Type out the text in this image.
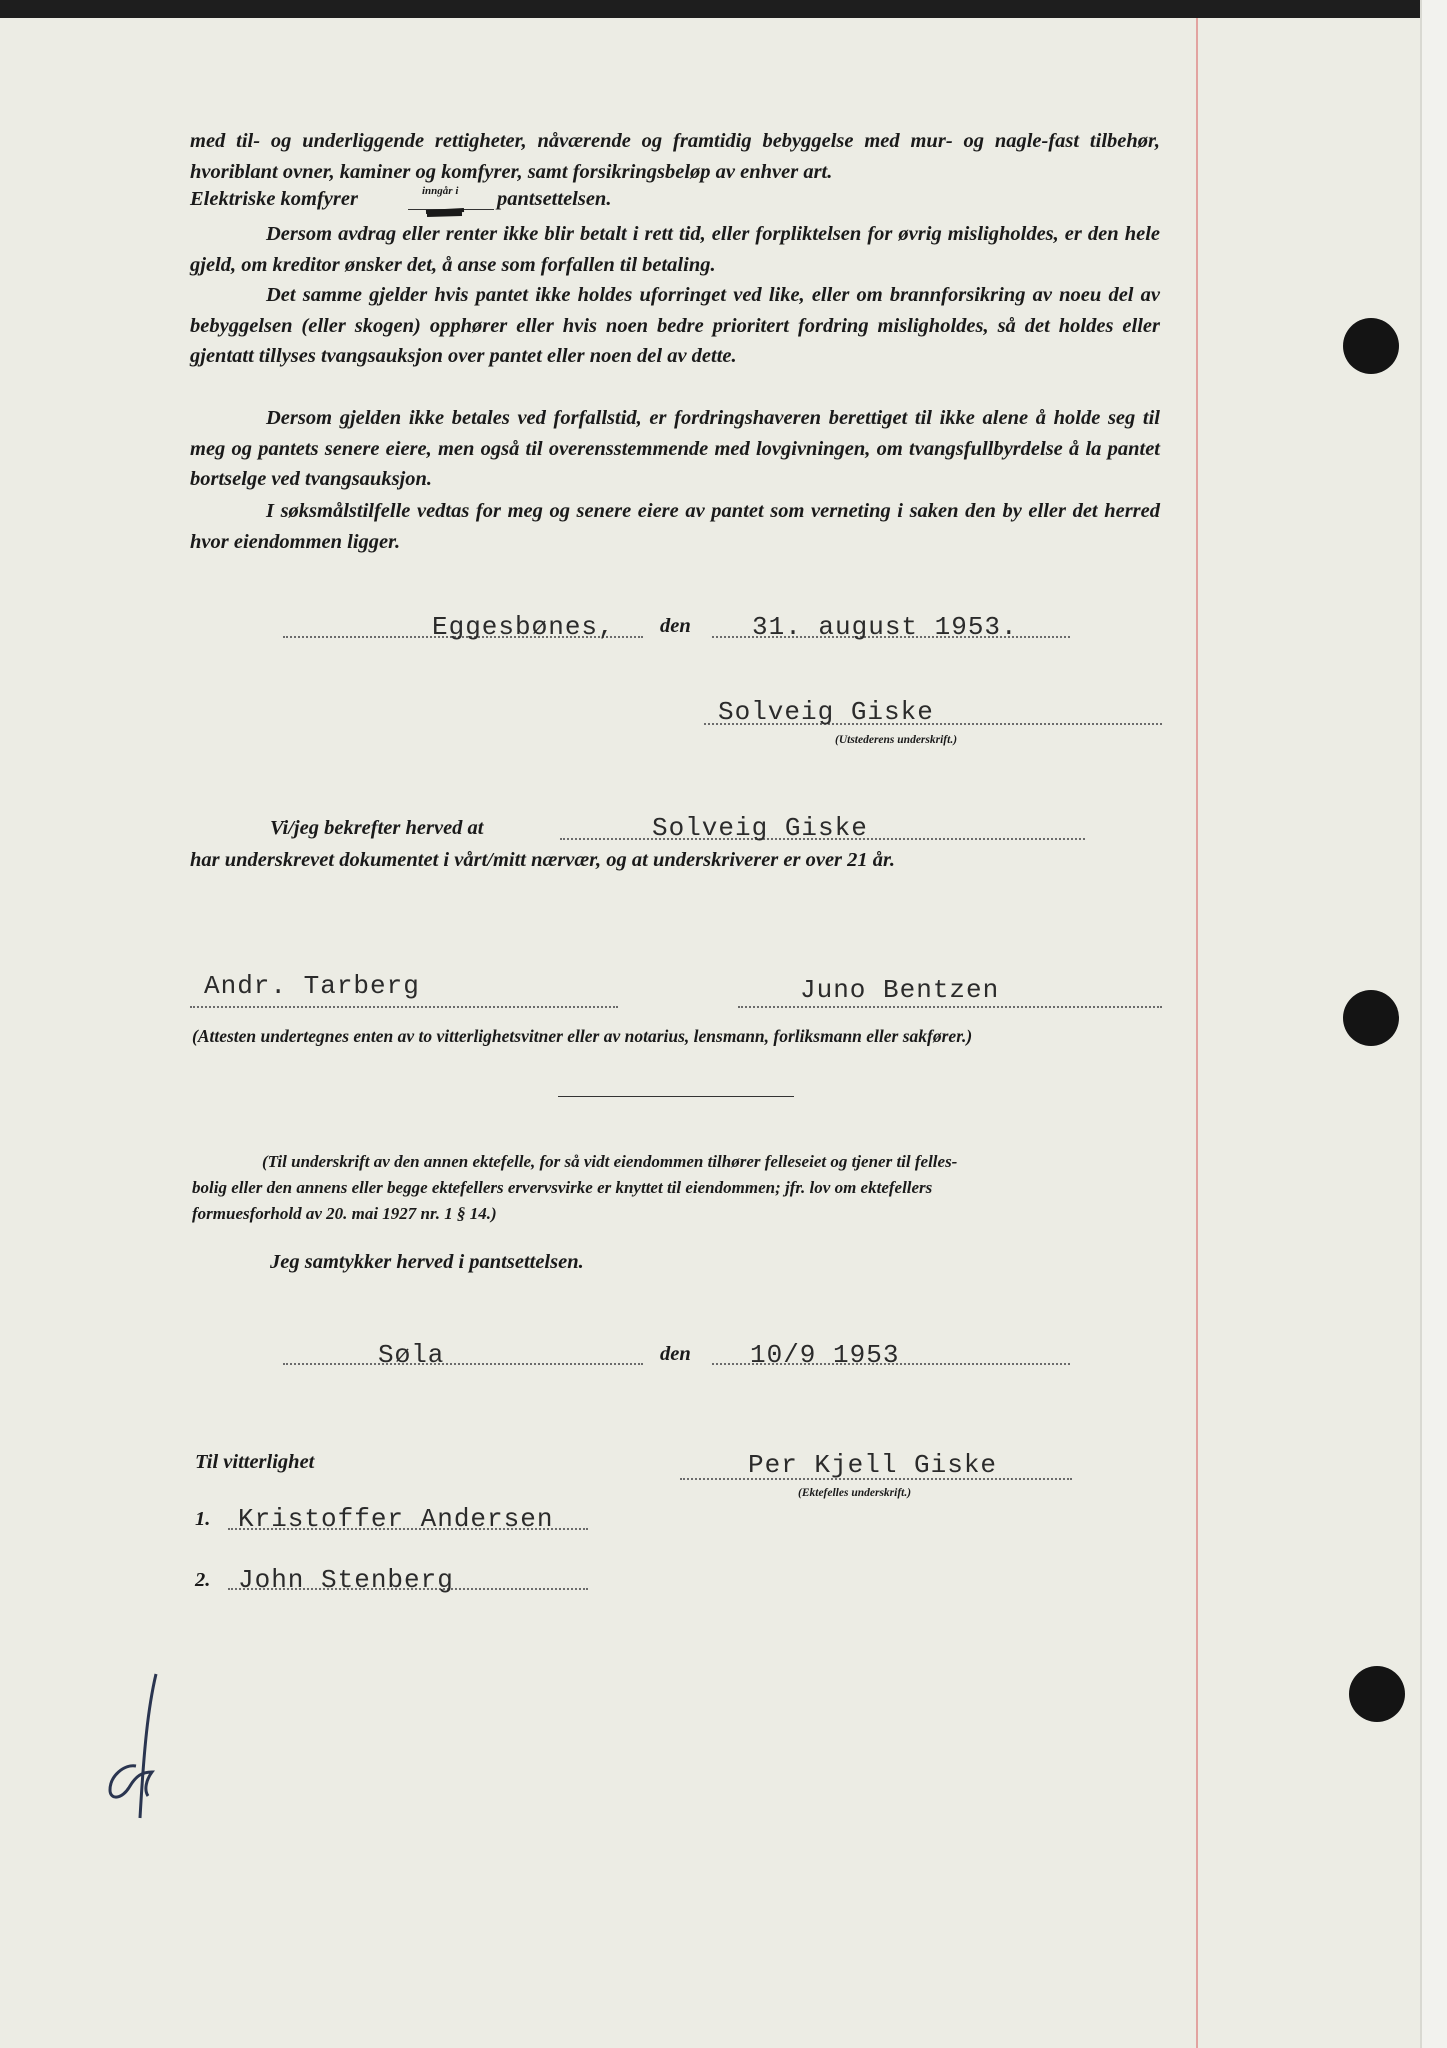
med til- og underliggende rettigheter, nåværende og framtidig bebyggelse med mur- og nagle-fast tilbehør, hvoriblant ovner, kaminer og komfyrer, samt forsikringsbeløp av enhver art.

Elektriske komfyrer	inngår i pantsettelsen.

Dersom avdrag eller renter ikke blir betalt i rett tid, eller forpliktelsen for øvrig misligholdes, er den hele gjeld, om kreditor ønsker det, å anse som forfallen til betaling.

Det samme gjelder hvis pantet ikke holdes uforringet ved like, eller om brannforsikring av noeu del av bebyggelsen (eller skogen) opphører eller hvis noen bedre prioritert fordring misligholdes, så det holdes eller gjentatt tillyses tvangsauksjon over pantet eller noen del av dette.

Dersom gjelden ikke betales ved forfallstid, er fordringshaveren berettiget til ikke alene å holde seg til meg og pantets senere eiere, men også til overensstemmende med lovgivningen, om tvangsfullbyrdelse å la pantet bortselge ved tvangsauksjon.

I søksmålstilfelle vedtas for meg og senere eiere av pantet som verneting i saken den by eller det herred hvor eiendommen ligger.

Eggesbønes, den 31. august 1953.
Solveig Giske
(Utstederens underskrift.)
Vi/jeg bekrefter herved at	Solveig Giske
har underskrevet dokumentet i vårt/mitt nærvær, og at underskriverer er over 21 år.
Andr. Tarberg	Juno Bentzen
(Attesten undertegnes enten av to vitterlighetsvitner eller av notarius, lensmann, forliksmann eller sakfører.)
(Til underskrift av den annen ektefelle, for så vidt eiendommen tilhører felleseiet og tjener til felles-
bolig eller den annens eller begge ektefellers ervervsvirke er knyttet til eiendommen; jfr. lov om ektefellers
formuesforhold av 20. mai 1927 nr. 1 § 14.)
Jeg samtykker herved i pantsettelsen.
Søla	den 10/9 1953
Til vitterlighet	Per Kjell Giske
(Ektefelles underskrift.)
1. Kristoffer Andersen
2. John Stenberg
